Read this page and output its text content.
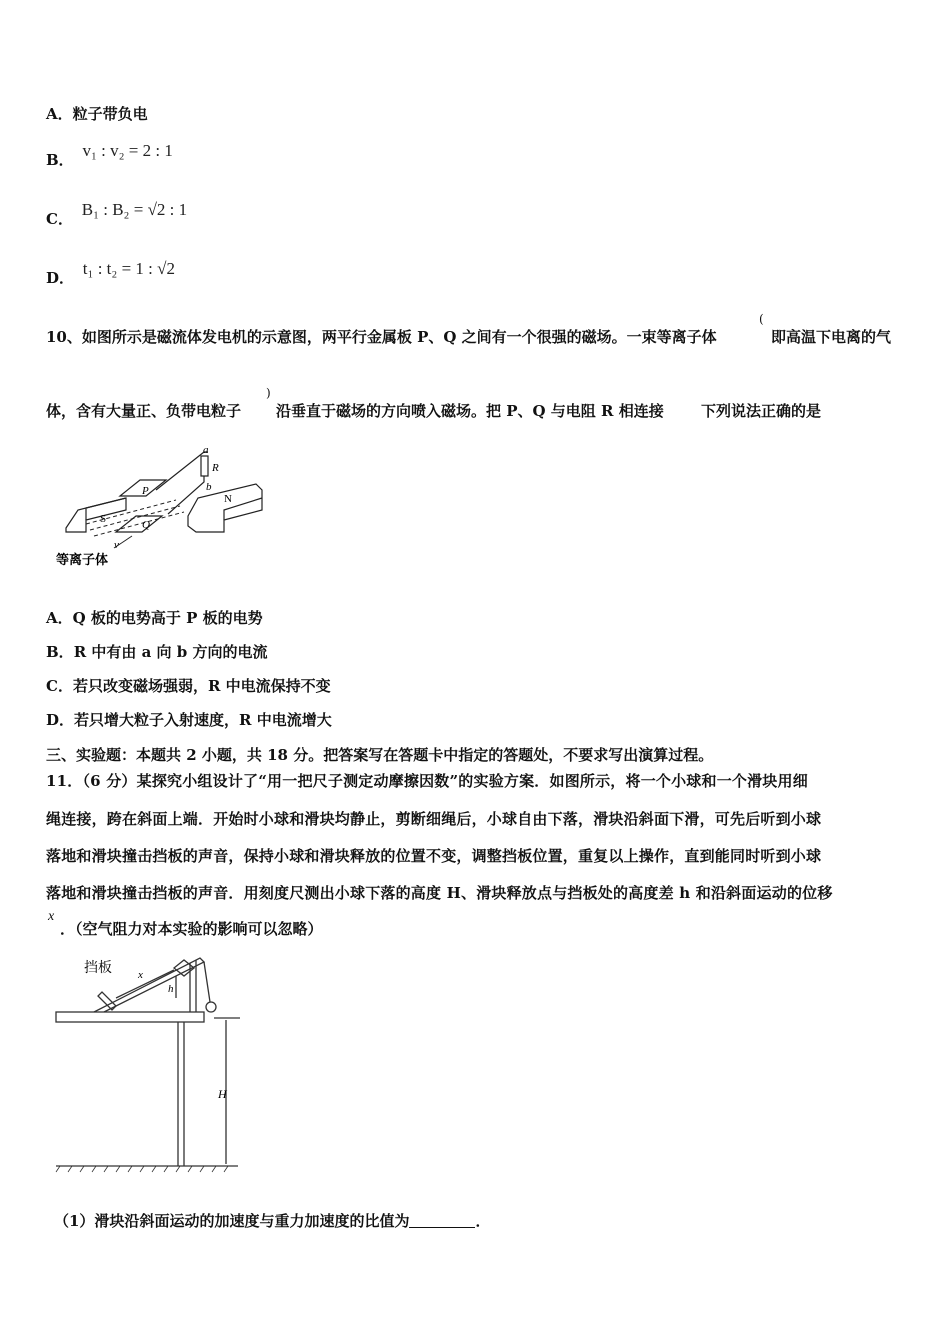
A．粒子带负电
B． v₁ : v₂ = 2 : 1
C． B₁ : B₂ = √2 : 1
D． t₁ : t₂ = 1 : √2
10、如图所示是磁流体发电机的示意图，两平行金属板 P、Q 之间有一个很强的磁场。一束等离子体
(
即高温下电离的气
体，含有大量正、负带电粒子
)
沿垂直于磁场的方向喷入磁场。把 P、Q 与电阻 R 相连接 下列说法正确的是
a
R
b
S
P
Q
N
v
等离子体
A．Q 板的电势高于 P 板的电势
B．R 中有由 a 向 b 方向的电流
C．若只改变磁场强弱，R 中电流保持不变
D．若只增大粒子入射速度，R 中电流增大
三、实验题：本题共 2 小题，共 18 分。把答案写在答题卡中指定的答题处，不要求写出演算过程。
11．（6 分）某探究小组设计了“用一把尺子测定动摩擦因数”的实验方案．如图所示，将一个小球和一个滑块用细
绳连接，跨在斜面上端．开始时小球和滑块均静止，剪断细绳后，小球自由下落，滑块沿斜面下滑，可先后听到小球
落地和滑块撞击挡板的声音，保持小球和滑块释放的位置不变，调整挡板位置，重复以上操作，直到能同时听到小球
落地和滑块撞击挡板的声音．用刻度尺测出小球下落的高度 H、滑块释放点与挡板处的高度差 h 和沿斜面运动的位移
x
．（空气阻力对本实验的影响可以忽略）
挡板 x
h
H
（1）滑块沿斜面运动的加速度与重力加速度的比值为	．
